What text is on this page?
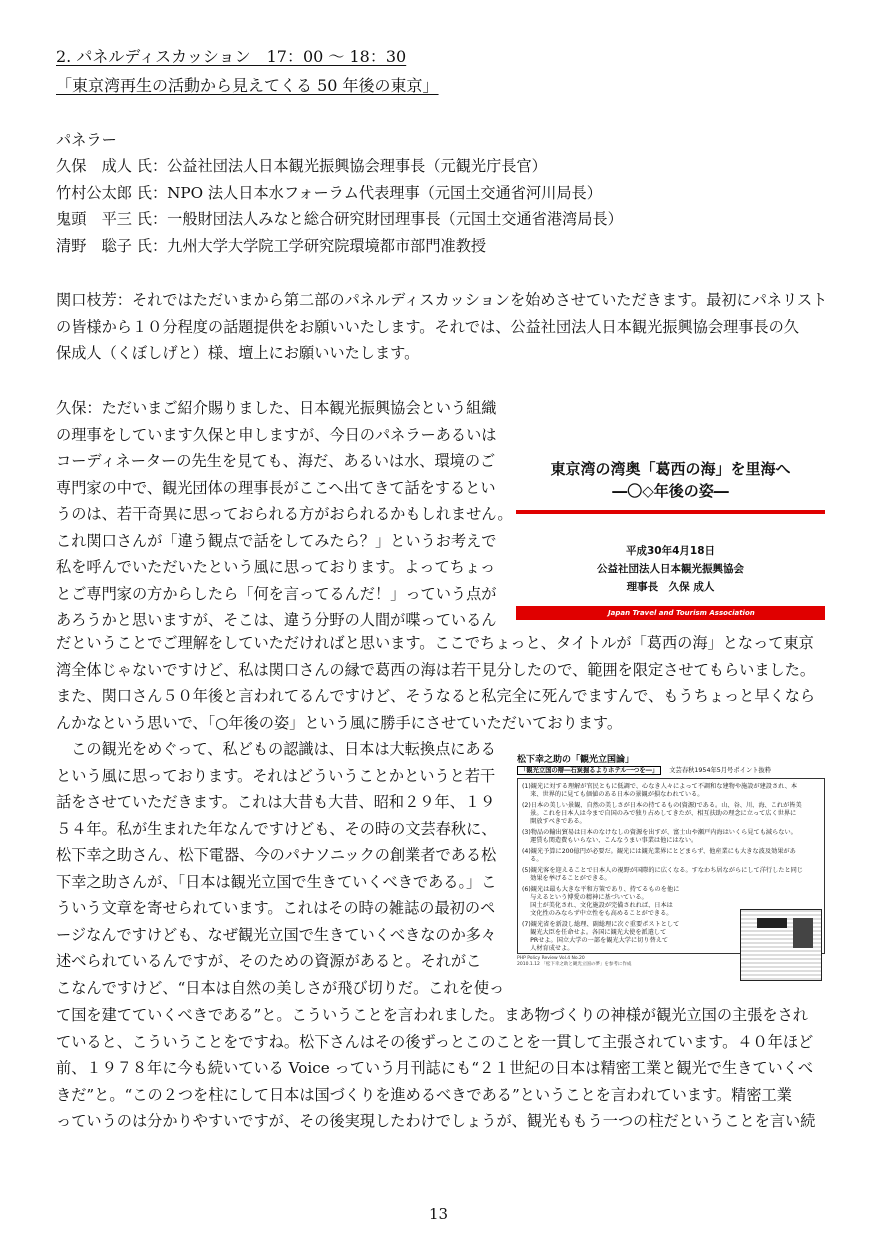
2. パネルディスカッション　17：00 ～ 18：30
「東京湾再生の活動から見えてくる 50 年後の東京」
パネラー
久保　成人 氏：公益社団法人日本観光振興協会理事長（元観光庁長官）
竹村公太郎 氏：NPO 法人日本水フォーラム代表理事（元国土交通省河川局長）
鬼頭　平三 氏：一般財団法人みなと総合研究財団理事長（元国土交通省港湾局長）
清野　聡子 氏：九州大学大学院工学研究院環境都市部門准教授
関口枝芳：それではただいまから第二部のパネルディスカッションを始めさせていただきます。最初にパネリスト
の皆様から１０分程度の話題提供をお願いいたします。それでは、公益社団法人日本観光振興協会理事長の久
保成人（くぼしげと）様、壇上にお願いいたします。
久保：ただいまご紹介賜りました、日本観光振興協会という組織
の理事をしています久保と申しますが、今日のパネラーあるいは
コーディネーターの先生を見ても、海だ、あるいは水、環境のご
専門家の中で、観光団体の理事長がここへ出てきて話をするとい
うのは、若干奇異に思っておられる方がおられるかもしれません。
これ関口さんが「違う観点で話をしてみたら？」というお考えで
私を呼んでいただいたという風に思っております。よってちょっ
とご専門家の方からしたら「何を言ってるんだ！」っていう点が
あろうかと思いますが、そこは、違う分野の人間が喋っているん
東京湾の湾奥「葛西の海」を里海へ
―〇◇年後の姿―
平成30年4月18日
公益社団法人日本観光振興協会
理事長　久保 成人
Japan Travel and Tourism Association
だということでご理解をしていただければと思います。ここでちょっと、タイトルが「葛西の海」となって東京
湾全体じゃないですけど、私は関口さんの縁で葛西の海は若干見分したので、範囲を限定させてもらいました。
また、関口さん５０年後と言われてるんですけど、そうなると私完全に死んでますんで、もうちょっと早くなら
んかなという思いで、「○年後の姿」という風に勝手にさせていただいております。
　この観光をめぐって、私どもの認識は、日本は大転換点にある
という風に思っております。それはどういうことかというと若干
話をさせていただきます。これは大昔も大昔、昭和２９年、１９
５４年。私が生まれた年なんですけども、その時の文芸春秋に、
松下幸之助さん、松下電器、今のパナソニックの創業者である松
下幸之助さんが、「日本は観光立国で生きていくべきである。」こ
ういう文章を寄せられています。これはその時の雑誌の最初のペ
ージなんですけども、なぜ観光立国で生きていくべきなのか多々
述べられているんですが、そのための資源があると。それがこ
こなんですけど、“日本は自然の美しさが飛び切りだ。これを使っ
松下幸之助の「観光立国論」
「観光立国の辯―石炭掘るよりホテル一つを―」 文芸春秋1954年5月号ポイント抜粋
(1)観光に対する理解が官民ともに低調で、心なき人々によって不調和な建物や施設が建設され、本
　 来、世界的に見ても価値のある日本の景観が損なわれている。
(2)日本の美しい景観、自然の美しさが日本の持てるもの(資源)である。山、谷、川、海、これが皆美
　 景。これを日本人は今まで自国のみで独り占めしてきたが、相互扶助の理念に立って広く世界に
　 開放すべきである。
(3)物品の輸出貿易は日本のなけなしの資源を出すが、富士山や瀬戸内海はいくら見ても減らない。
　 運賃も関造費もいらない、こんなうまい事業は他にはない。
(4)観光予算に200億円が必要だ。観光には観光業界にとどまらず、他産業にも大きな波及効果があ
　 る。
(5)観光客を迎えることで日本人の視野が国際的に広くなる。すなわち居ながらにして洋行したと同じ
　 効果を挙げることができる。
(6)観光は最も大きな平和方策であり、持てるものを他に
　 与えるという博愛の精神に基づいている。
　 国土が美化され、文化施設が完備されれば、日本は
　 文化性のみならず中立性をも高めることができる。
(7)観光省を新設し総理、副総理に次ぐ重要ポストとして
　 観光大臣を任命せよ。各国に観光大使を派遣して
　 PRせよ。国立大学の一部を観光大学に切り替えて
　 人材育成せよ。
PHP Policy Review Vol.4 No.20
2010.1.12 「松下幸之助と観光立国の夢」を参考に作成
て国を建てていくべきである”と。こういうことを言われました。まあ物づくりの神様が観光立国の主張をされ
ていると、こういうことをですね。松下さんはその後ずっとこのことを一貫して主張されています。４０年ほど
前、１９７８年に今も続いている Voice っていう月刊誌にも“２１世紀の日本は精密工業と観光で生きていくべ
きだ”と。“この２つを柱にして日本は国づくりを進めるべきである”ということを言われています。精密工業
っていうのは分かりやすいですが、その後実現したわけでしょうが、観光ももう一つの柱だということを言い続
13
